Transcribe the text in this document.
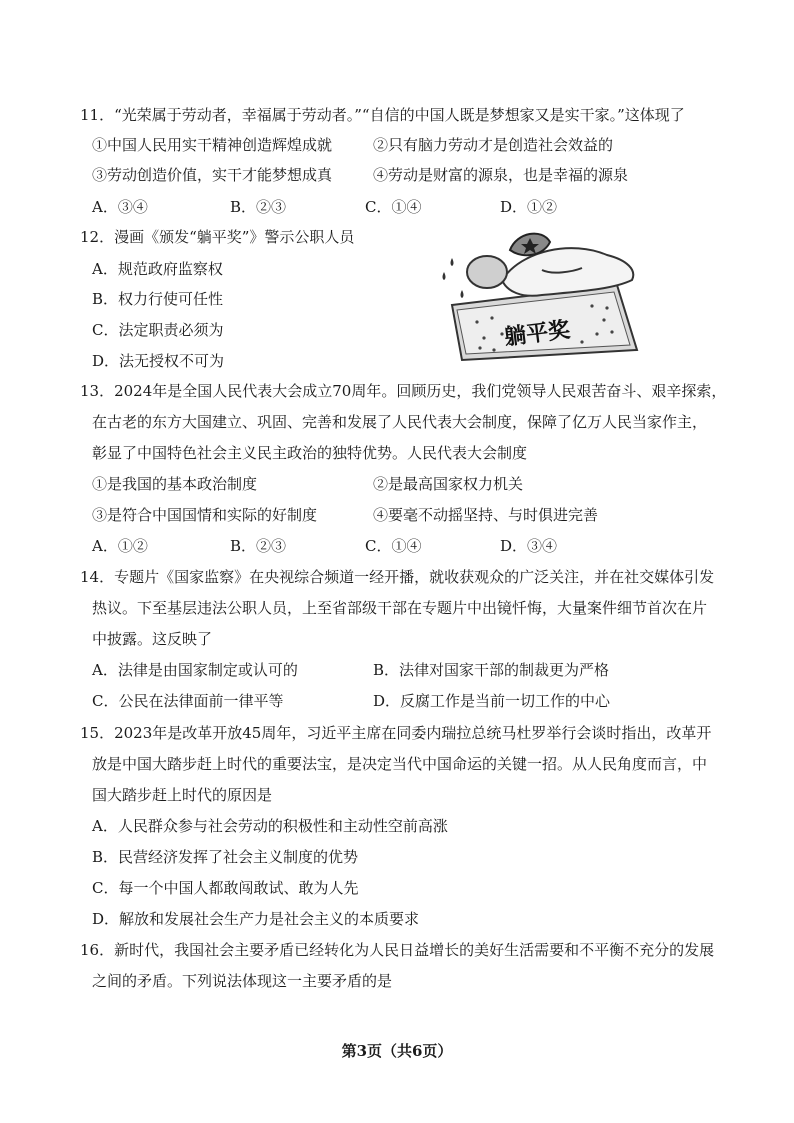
11．“光荣属于劳动者，幸福属于劳动者。”“自信的中国人既是梦想家又是实干家。”这体现了
①中国人民用实干精神创造辉煌成就	②只有脑力劳动才是创造社会效益的
③劳动创造价值，实干才能梦想成真	④劳动是财富的源泉，也是幸福的源泉
A．③④	B．②③	C．①④	D．①②
12．漫画《颁发“躺平奖”》警示公职人员
A．规范政府监察权
B．权力行使可任性
C．法定职责必须为
D．法无授权不可为
躺平奖
13．2024年是全国人民代表大会成立70周年。回顾历史，我们党领导人民艰苦奋斗、艰辛探索，
在古老的东方大国建立、巩固、完善和发展了人民代表大会制度，保障了亿万人民当家作主，
彰显了中国特色社会主义民主政治的独特优势。人民代表大会制度
①是我国的基本政治制度	②是最高国家权力机关
③是符合中国国情和实际的好制度	④要毫不动摇坚持、与时俱进完善
A．①②	B．②③	C．①④	D．③④
14．专题片《国家监察》在央视综合频道一经开播，就收获观众的广泛关注，并在社交媒体引发
热议。下至基层违法公职人员，上至省部级干部在专题片中出镜忏悔，大量案件细节首次在片
中披露。这反映了
A．法律是由国家制定或认可的	B．法律对国家干部的制裁更为严格
C．公民在法律面前一律平等	D．反腐工作是当前一切工作的中心
15．2023年是改革开放45周年，习近平主席在同委内瑞拉总统马杜罗举行会谈时指出，改革开
放是中国大踏步赶上时代的重要法宝，是决定当代中国命运的关键一招。从人民角度而言，中
国大踏步赶上时代的原因是
A．人民群众参与社会劳动的积极性和主动性空前高涨
B．民营经济发挥了社会主义制度的优势
C．每一个中国人都敢闯敢试、敢为人先
D．解放和发展社会生产力是社会主义的本质要求
16．新时代，我国社会主要矛盾已经转化为人民日益增长的美好生活需要和不平衡不充分的发展
之间的矛盾。下列说法体现这一主要矛盾的是
第3页（共6页）
